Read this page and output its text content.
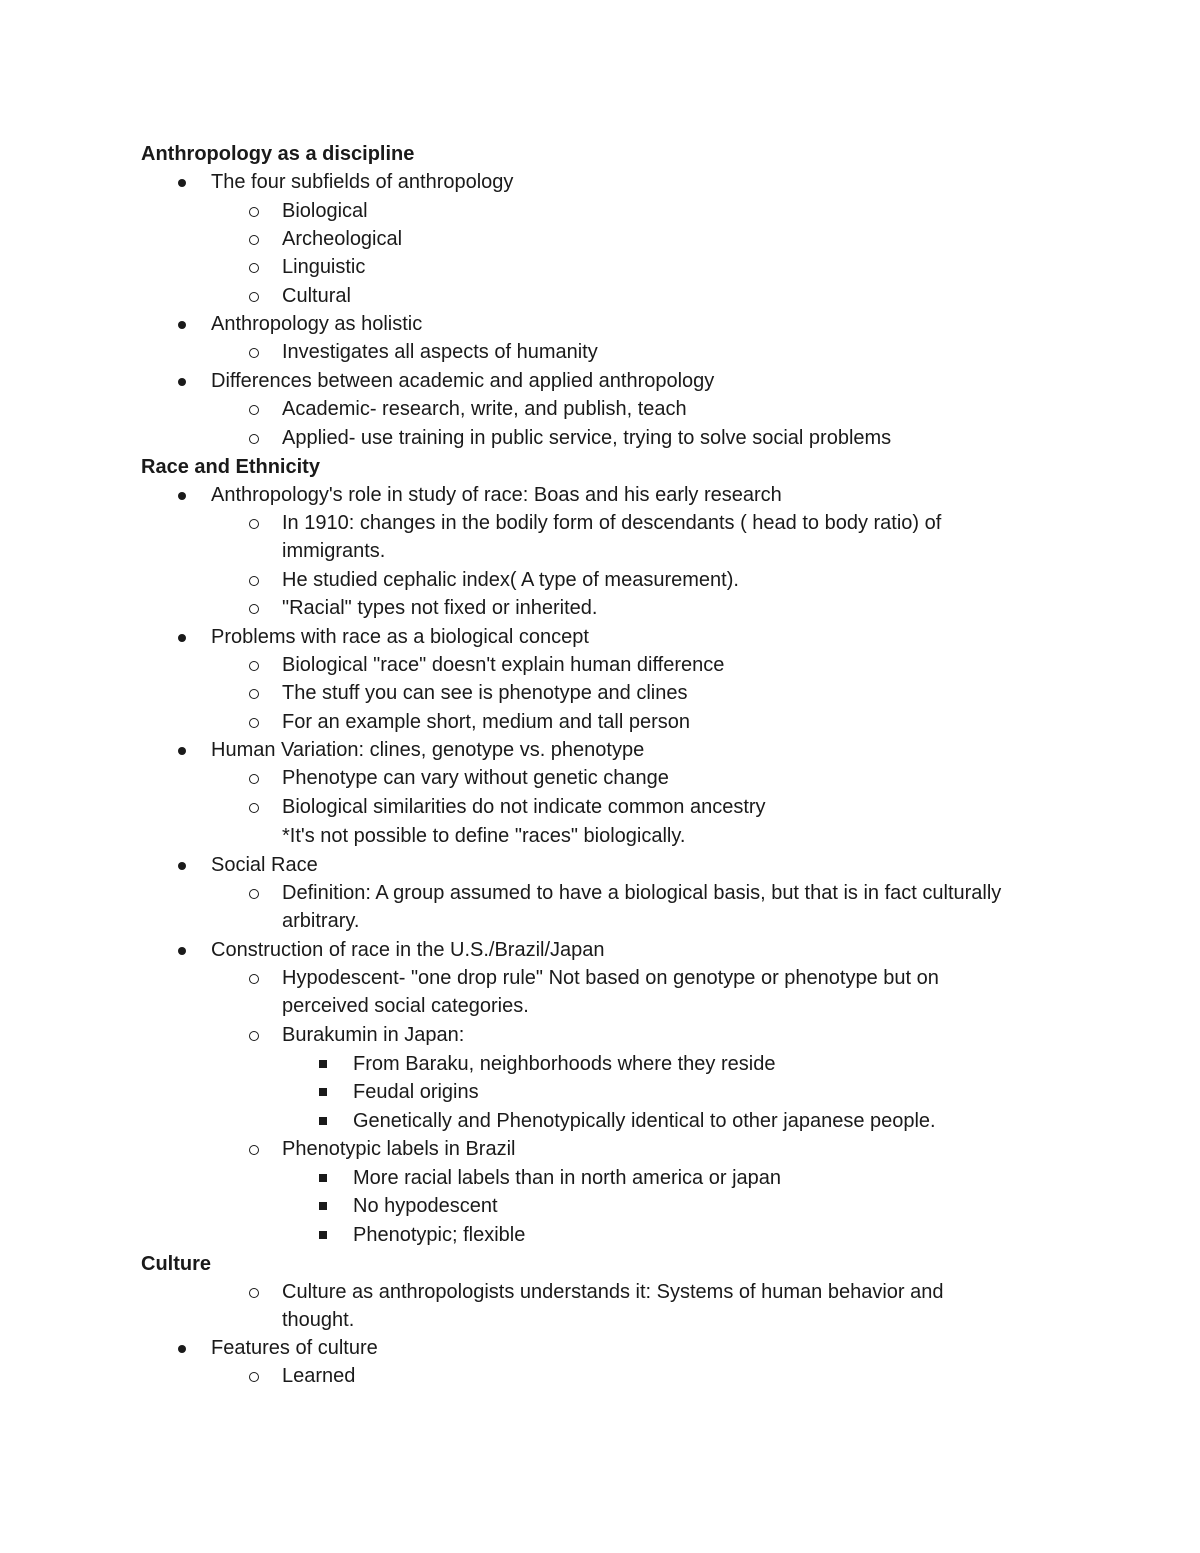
Anthropology as a discipline
The four subfields of anthropology
Biological
Archeological
Linguistic
Cultural
Anthropology as holistic
Investigates all aspects of humanity
Differences between academic and applied anthropology
Academic- research, write, and publish, teach
Applied- use training in public service, trying to solve social problems
Race and Ethnicity
Anthropology's role in study of race: Boas and his early research
In 1910: changes in the bodily form of descendants ( head to body ratio) of
immigrants.
He studied cephalic index( A type of measurement).
"Racial" types not fixed or inherited.
Problems with race as a biological concept
Biological "race" doesn't explain human difference
The stuff you can see is phenotype and clines
For an example short, medium and tall person
Human Variation: clines, genotype vs. phenotype
Phenotype can vary without genetic change
Biological similarities do not indicate common ancestry
*It's not possible to define "races" biologically.
Social Race
Definition: A group assumed to have a biological basis, but that is in fact culturally
arbitrary.
Construction of race in the U.S./Brazil/Japan
Hypodescent- "one drop rule" Not based on genotype or phenotype but on
perceived social categories.
Burakumin in Japan:
From Baraku, neighborhoods where they reside
Feudal origins
Genetically and Phenotypically identical to other japanese people.
Phenotypic labels in Brazil
More racial labels than in north america or japan
No hypodescent
Phenotypic; flexible
Culture
Culture as anthropologists understands it: Systems of human behavior and
thought.
Features of culture
Learned
